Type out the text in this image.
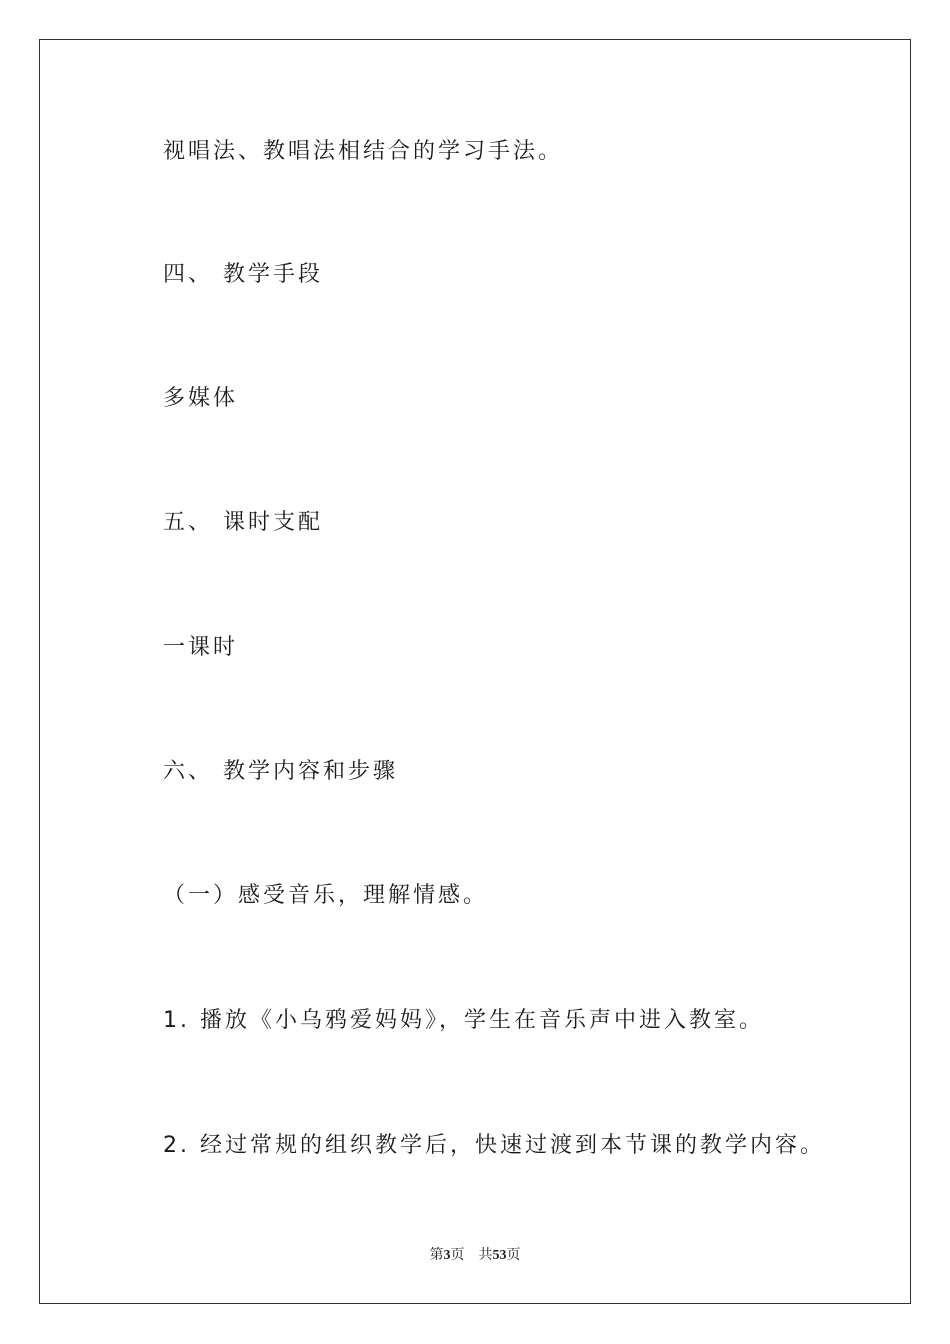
视唱法、教唱法相结合的学习手法。
四、 教学手段
多媒体
五、 课时支配
一课时
六、 教学内容和步骤
（一）感受音乐，理解情感。
1. 播放《小乌鸦爱妈妈》，学生在音乐声中进入教室。
2. 经过常规的组织教学后，快速过渡到本节课的教学内容。
第3页 共53页
